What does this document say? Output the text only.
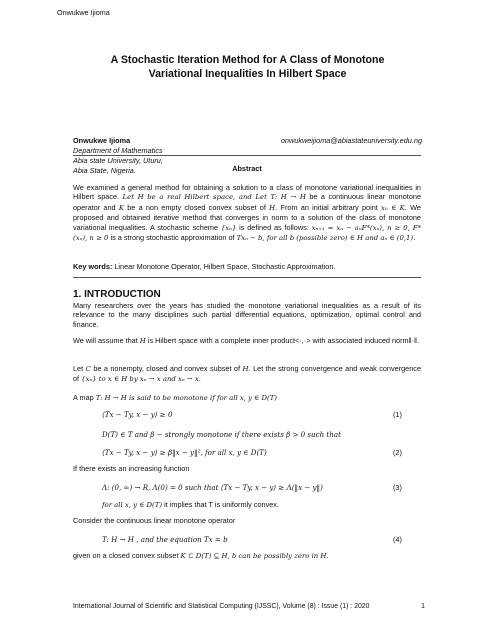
Onwukwe Ijioma
A Stochastic Iteration Method for A Class of Monotone
Variational Inequalities In Hilbert Space
Onwukwe Ijioma
Department of Mathematics
Abia state University, Uturu,
Abia State, Nigeria.
onwukweijioma@abiastateuniversity.edu.ng
Abstract
We examined a general method for obtaining a solution to a class of monotone variational inequalities in Hilbert space. Let H be a real Hilbert space, and Let T: H → H be a continuous linear monotone operator and K be a non empty closed convex subset of H. From an initial arbitrary point x₀ ∈ K. We proposed and obtained iterative method that converges in norm to a solution of the class of monotone variational inequalities. A stochastic scheme {xₙ} is defined as follows: xₙ₊₁ = xₙ − aₙF*(xₙ), n ≥ 0, F*(xₙ), n ≥ 0 is a strong stochastic approximation of Txₙ − b, for all b (possible zero) ∈ H and aₙ ∈ (0,1).
Key words: Linear Monotone Operator, Hilbert Space, Stochastic Approximation.
1. INTRODUCTION
Many researchers over the years has studied the monotone variational inequalities as a result of its relevance to the many disciplines such partial differential equations, optimization, optimal control and finance.
We will assume that H is Hilbert space with a complete inner product<·,·> with associated induced norm‖·‖.
Let C be a nonempty, closed and convex subset of H. Let the strong convergence and weak convergence of {xₙ} to x ∈ H by xₙ → x and xₙ ⇀ x.
A map T: H → H is said to be monotone if for all x, y ∈ D(T)
⟨Tx − Ty, x − y⟩ ≥ 0	(1)
D(T) ∈ T and β − strongly monotone if there exists β > 0 such that
⟨Tx − Ty, x − y⟩ ≥ β‖x − y‖², for all x, y ∈ D(T)	(2)
If there exists an increasing function
Λ: (0, ∞) → R, Λ(0) = 0 such that ⟨Tx − Ty, x − y⟩ ≥ Λ(‖x − y‖)	(3)
for all x, y ∈ D(T) it implies that T is uniformly convex.
Consider the continuous linear monotone operator
T: H → H , and the equation Tx = b	(4)
given on a closed convex subset K ⊂ D(T) ⊆ H, b can be possibly zero in H.
International Journal of Scientific and Statistical Computing (IJSSC), Volume (8) : Issue (1) : 2020	1
